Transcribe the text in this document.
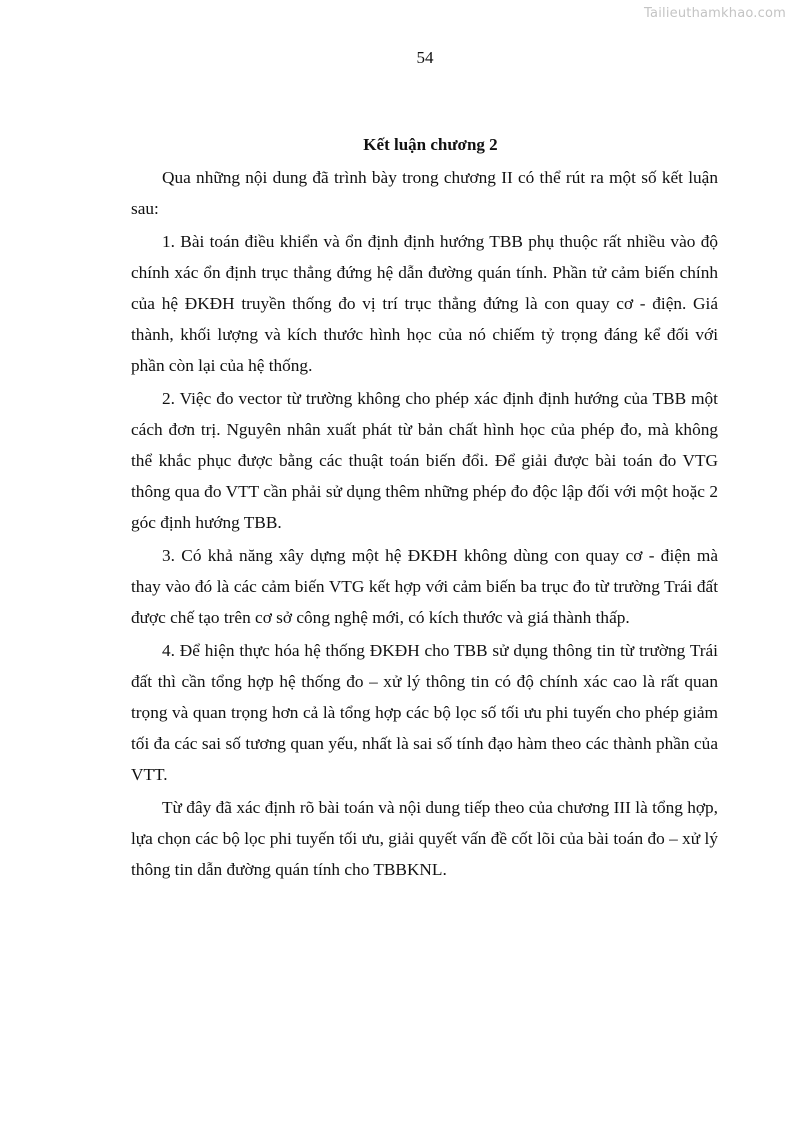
Tailieuthamkhao.com
54
Kết luận chương 2

Qua những nội dung đã trình bày trong chương II có thể rút ra một số kết luận sau:

1. Bài toán điều khiển và ổn định định hướng TBB phụ thuộc rất nhiều vào độ chính xác ổn định trục thẳng đứng hệ dẫn đường quán tính. Phần tử cảm biến chính của hệ ĐKĐH truyền thống đo vị trí trục thẳng đứng là con quay cơ - điện. Giá thành, khối lượng và kích thước hình học của nó chiếm tỷ trọng đáng kể đối với phần còn lại của hệ thống.

2. Việc đo vector từ trường không cho phép xác định định hướng của TBB một cách đơn trị. Nguyên nhân xuất phát từ bản chất hình học của phép đo, mà không thể khắc phục được bằng các thuật toán biến đổi. Để giải được bài toán đo VTG thông qua đo VTT cần phải sử dụng thêm những phép đo độc lập đối với một hoặc 2 góc định hướng TBB.

3. Có khả năng xây dựng một hệ ĐKĐH không dùng con quay cơ - điện mà thay vào đó là các cảm biến VTG kết hợp với cảm biến ba trục đo từ trường Trái đất được chế tạo trên cơ sở công nghệ mới, có kích thước và giá thành thấp.

4. Để hiện thực hóa hệ thống ĐKĐH cho TBB sử dụng thông tin từ trường Trái đất thì cần tổng hợp hệ thống đo – xử lý thông tin có độ chính xác cao là rất quan trọng và quan trọng hơn cả là tổng hợp các bộ lọc số tối ưu phi tuyến cho phép giảm tối đa các sai số tương quan yếu, nhất là sai số tính đạo hàm theo các thành phần của VTT.

Từ đây đã xác định rõ bài toán và nội dung tiếp theo của chương III là tổng hợp, lựa chọn các bộ lọc phi tuyến tối ưu, giải quyết vấn đề cốt lõi của bài toán đo – xử lý thông tin dẫn đường quán tính cho TBBKNL.
